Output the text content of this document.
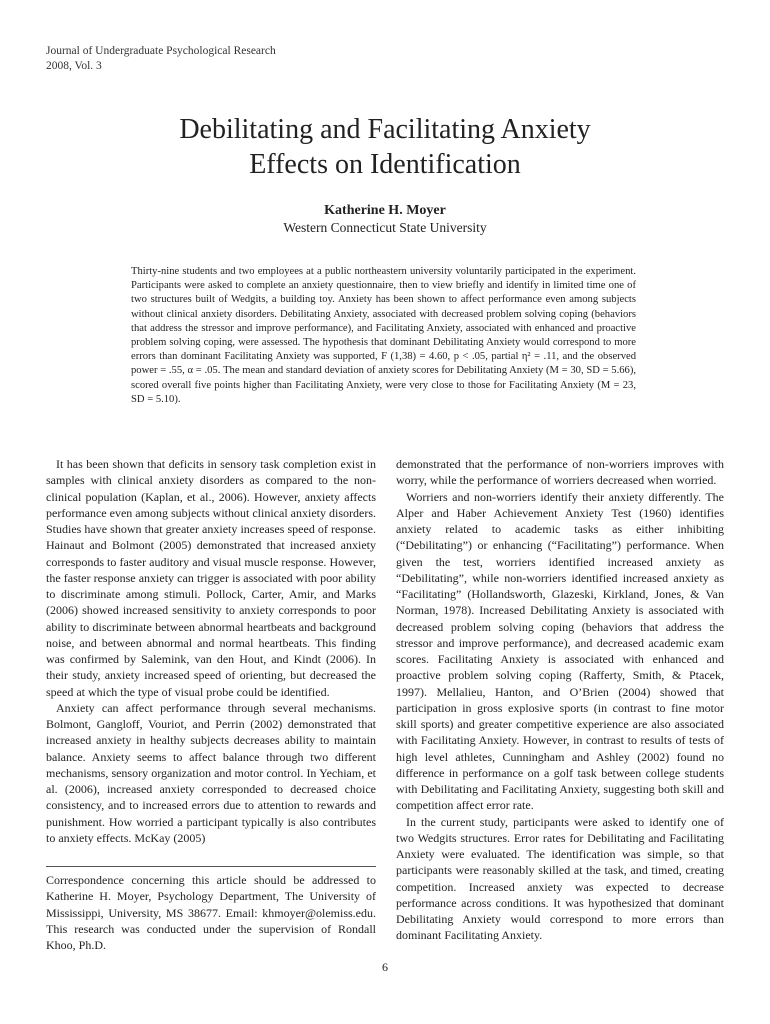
Journal of Undergraduate Psychological Research
2008, Vol. 3
Debilitating and Facilitating Anxiety
Effects on Identification
Katherine H. Moyer
Western Connecticut State University
Thirty-nine students and two employees at a public northeastern university voluntarily participated in the experiment. Participants were asked to complete an anxiety questionnaire, then to view briefly and identify in limited time one of two structures built of Wedgits, a building toy. Anxiety has been shown to affect performance even among subjects without clinical anxiety disorders. Debilitating Anxiety, associated with decreased problem solving coping (behaviors that address the stressor and improve performance), and Facilitating Anxiety, associated with enhanced and proactive problem solving coping, were assessed. The hypothesis that dominant Debilitating Anxiety would correspond to more errors than dominant Facilitating Anxiety was supported, F (1,38) = 4.60, p < .05, partial η² = .11, and the observed power = .55, α = .05. The mean and standard deviation of anxiety scores for Debilitating Anxiety (M = 30, SD = 5.66), scored overall five points higher than Facilitating Anxiety, were very close to those for Facilitating Anxiety (M = 23, SD = 5.10).

It has been shown that deficits in sensory task completion exist in samples with clinical anxiety disorders as compared to the non-clinical population (Kaplan, et al., 2006). However, anxiety affects performance even among subjects without clinical anxiety disorders. Studies have shown that greater anxiety increases speed of response. Hainaut and Bolmont (2005) demonstrated that increased anxiety corresponds to faster auditory and visual muscle response. However, the faster response anxiety can trigger is associated with poor ability to discriminate among stimuli. Pollock, Carter, Amir, and Marks (2006) showed increased sensitivity to anxiety corresponds to poor ability to discriminate between abnormal heartbeats and background noise, and between abnormal and normal heartbeats. This finding was confirmed by Salemink, van den Hout, and Kindt (2006). In their study, anxiety increased speed of orienting, but decreased the speed at which the type of visual probe could be identified.

Anxiety can affect performance through several mechanisms. Bolmont, Gangloff, Vouriot, and Perrin (2002) demonstrated that increased anxiety in healthy subjects decreases ability to maintain balance. Anxiety seems to affect balance through two different mechanisms, sensory organization and motor control. In Yechiam, et al. (2006), increased anxiety corresponded to decreased choice consistency, and to increased errors due to attention to rewards and punishment. How worried a participant typically is also contributes to anxiety effects. McKay (2005)

demonstrated that the performance of non-worriers improves with worry, while the performance of worriers decreased when worried.

Worriers and non-worriers identify their anxiety differently. The Alper and Haber Achievement Anxiety Test (1960) identifies anxiety related to academic tasks as either inhibiting (“Debilitating”) or enhancing (“Facilitating”) performance. When given the test, worriers identified increased anxiety as “Debilitating”, while non-worriers identified increased anxiety as “Facilitating” (Hollandsworth, Glazeski, Kirkland, Jones, & Van Norman, 1978). Increased Debilitating Anxiety is associated with decreased problem solving coping (behaviors that address the stressor and improve performance), and decreased academic exam scores. Facilitating Anxiety is associated with enhanced and proactive problem solving coping (Rafferty, Smith, & Ptacek, 1997). Mellalieu, Hanton, and O’Brien (2004) showed that participation in gross explosive sports (in contrast to fine motor skill sports) and greater competitive experience are also associated with Facilitating Anxiety. However, in contrast to results of tests of high level athletes, Cunningham and Ashley (2002) found no difference in performance on a golf task between college students with Debilitating and Facilitating Anxiety, suggesting both skill and competition affect error rate.

In the current study, participants were asked to identify one of two Wedgits structures. Error rates for Debilitating and Facilitating Anxiety were evaluated. The identification was simple, so that participants were reasonably skilled at the task, and timed, creating competition. Increased anxiety was expected to decrease performance across conditions. It was hypothesized that dominant Debilitating Anxiety would correspond to more errors than dominant Facilitating Anxiety.

Correspondence concerning this article should be addressed to Katherine H. Moyer, Psychology Department, The University of Mississippi, University, MS 38677. Email: khmoyer@olemiss.edu. This research was conducted under the supervision of Rondall Khoo, Ph.D.
6
